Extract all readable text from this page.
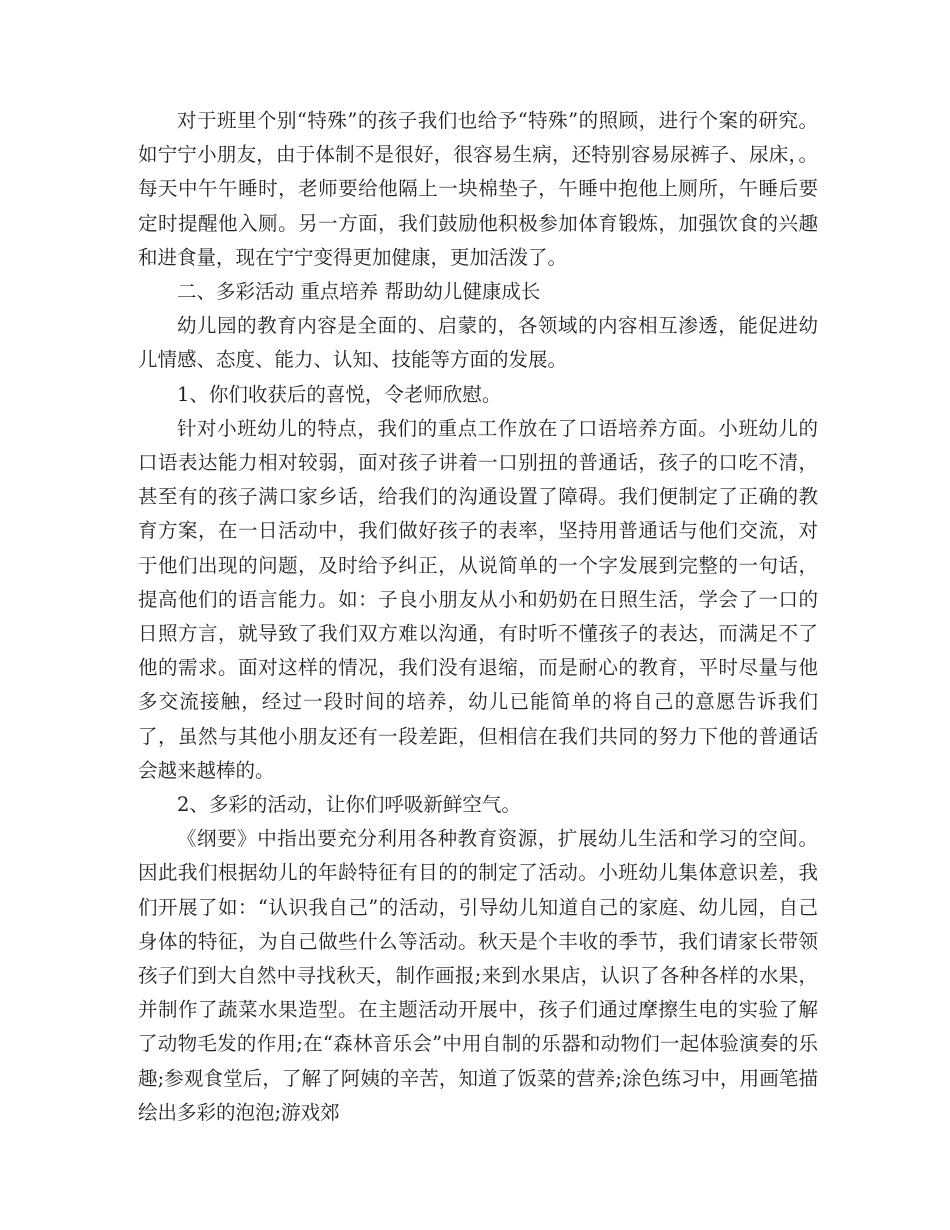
对于班里个别“特殊”的孩子我们也给予“特殊”的照顾，进行个案的研究。如宁宁小朋友，由于体制不是很好，很容易生病，还特别容易尿裤子、尿床，。每天中午午睡时，老师要给他隔上一块棉垫子，午睡中抱他上厕所，午睡后要定时提醒他入厕。另一方面，我们鼓励他积极参加体育锻炼，加强饮食的兴趣和进食量，现在宁宁变得更加健康，更加活泼了。

二、多彩活动 重点培养 帮助幼儿健康成长

幼儿园的教育内容是全面的、启蒙的，各领域的内容相互渗透，能促进幼儿情感、态度、能力、认知、技能等方面的发展。

1、你们收获后的喜悦，令老师欣慰。

针对小班幼儿的特点，我们的重点工作放在了口语培养方面。小班幼儿的口语表达能力相对较弱，面对孩子讲着一口别扭的普通话，孩子的口吃不清，甚至有的孩子满口家乡话，给我们的沟通设置了障碍。我们便制定了正确的教育方案，在一日活动中，我们做好孩子的表率，坚持用普通话与他们交流，对于他们出现的问题，及时给予纠正，从说简单的一个字发展到完整的一句话，提高他们的语言能力。如：子良小朋友从小和奶奶在日照生活，学会了一口的日照方言，就导致了我们双方难以沟通，有时听不懂孩子的表达，而满足不了他的需求。面对这样的情况，我们没有退缩，而是耐心的教育，平时尽量与他多交流接触，经过一段时间的培养，幼儿已能简单的将自己的意愿告诉我们了，虽然与其他小朋友还有一段差距，但相信在我们共同的努力下他的普通话会越来越棒的。

2、多彩的活动，让你们呼吸新鲜空气。

《纲要》中指出要充分利用各种教育资源，扩展幼儿生活和学习的空间。因此我们根据幼儿的年龄特征有目的的制定了活动。小班幼儿集体意识差，我们开展了如：“认识我自己”的活动，引导幼儿知道自己的家庭、幼儿园，自己身体的特征，为自己做些什么等活动。秋天是个丰收的季节，我们请家长带领孩子们到大自然中寻找秋天，制作画报;来到水果店，认识了各种各样的水果，并制作了蔬菜水果造型。在主题活动开展中，孩子们通过摩擦生电的实验了解了动物毛发的作用;在“森林音乐会”中用自制的乐器和动物们一起体验演奏的乐趣;参观食堂后，了解了阿姨的辛苦，知道了饭菜的营养;涂色练习中，用画笔描绘出多彩的泡泡;游戏郊
